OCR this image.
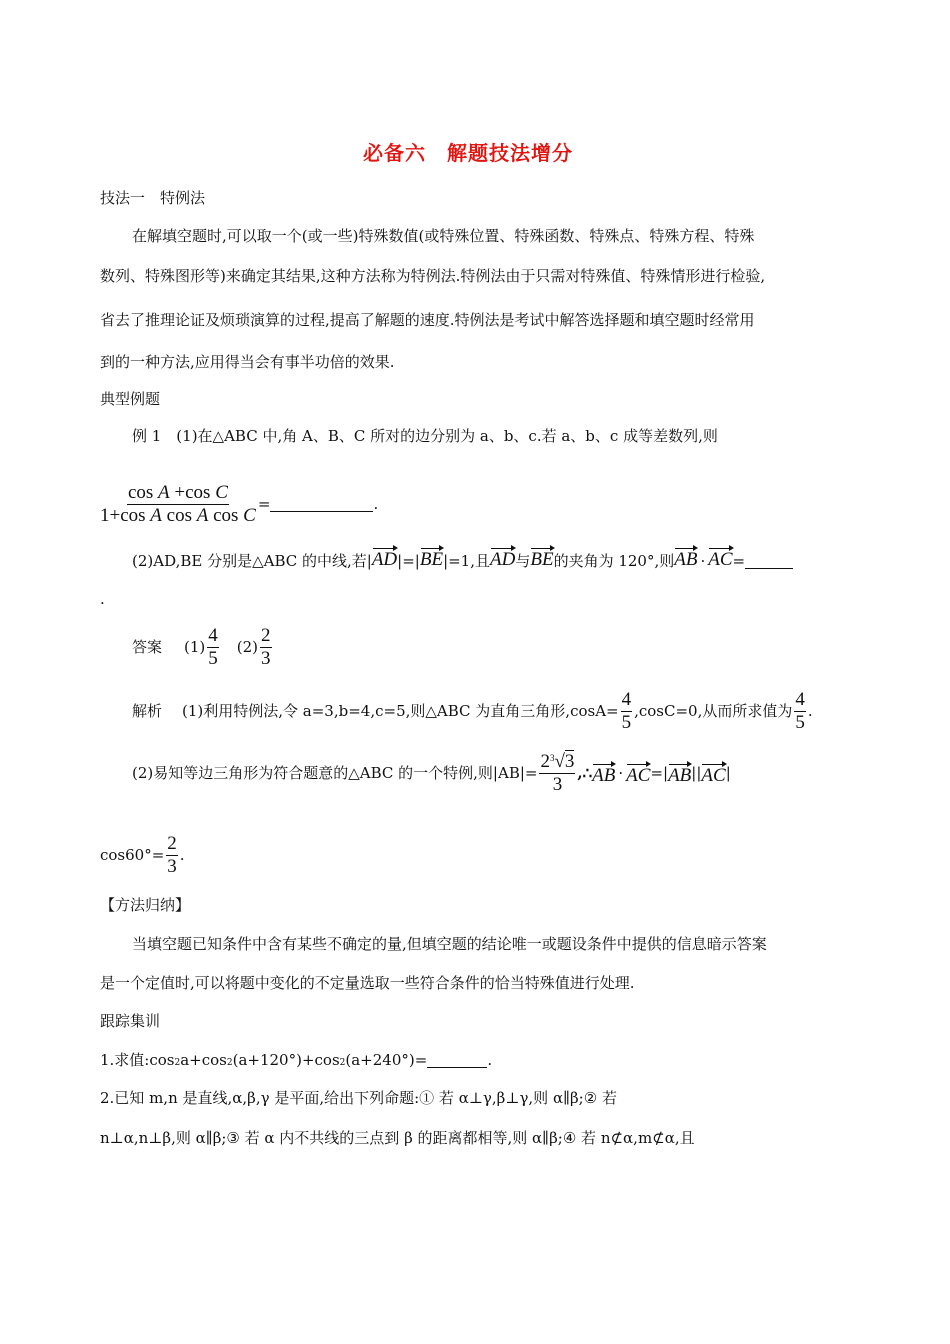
必备六　解题技法增分
技法一　特例法
在解填空题时,可以取一个(或一些)特殊数值(或特殊位置、特殊函数、特殊点、特殊方程、特殊
数列、特殊图形等)来确定其结果,这种方法称为特例法.特例法由于只需对特殊值、特殊情形进行检验,
省去了推理论证及烦琐演算的过程,提高了解题的速度.特例法是考试中解答选择题和填空题时经常用
到的一种方法,应用得当会有事半功倍的效果.
典型例题
例 1　(1)在△ABC 中,角 A、B、C 所对的边分别为 a、b、c.若 a、b、c 成等差数列,则
$\frac{\text{cos A +cos C}}{\text{1+cos A cos A cos C}}$ =	.
(2)AD,BE 分别是△ABC 的中线,若| AD |=| BE |=1,且 AD 与 BE 的夹角为 120°,则 AB · AC =
.
答案 $(1) \frac{4}{5} (2) \frac{2}{3}$
解析 (1)利用特例法,令 a=3,b=4,c=5,则△ABC 为直角三角形$,\cos A= \frac{4}{5} ,\cos C=0$,从而所求值为 $\frac{4}{5}$ .
(2)易知等边三角形为符合题意的△ABC 的一个特例,则$|AB|= \frac{2^3√3}{3}$ ,∴ AB · AC =| AB || AC |
$\cos 60^\circ= \frac{2}{3}$ .
【方法归纳】
当填空题已知条件中含有某些不确定的量,但填空题的结论唯一或题设条件中提供的信息暗示答案
是一个定值时,可以将题中变化的不定量选取一些符合条件的恰当特殊值进行处理.
跟踪集训
1.求值$:\cos_2$ $a+\cos_2$ $(a+120^\circ)+\cos_2$ (a+240°)=	.
2.已知 m,n 是直线,α,β,γ 是平面,给出下列命题:① 若 α⊥γ,β⊥γ,则 α∥β;② 若
n⊥α,n⊥β,则 α∥β;③ 若 α 内不共线的三点到 β 的距离都相等,则 α∥β;④ 若 n⊄α,m⊄α,且
